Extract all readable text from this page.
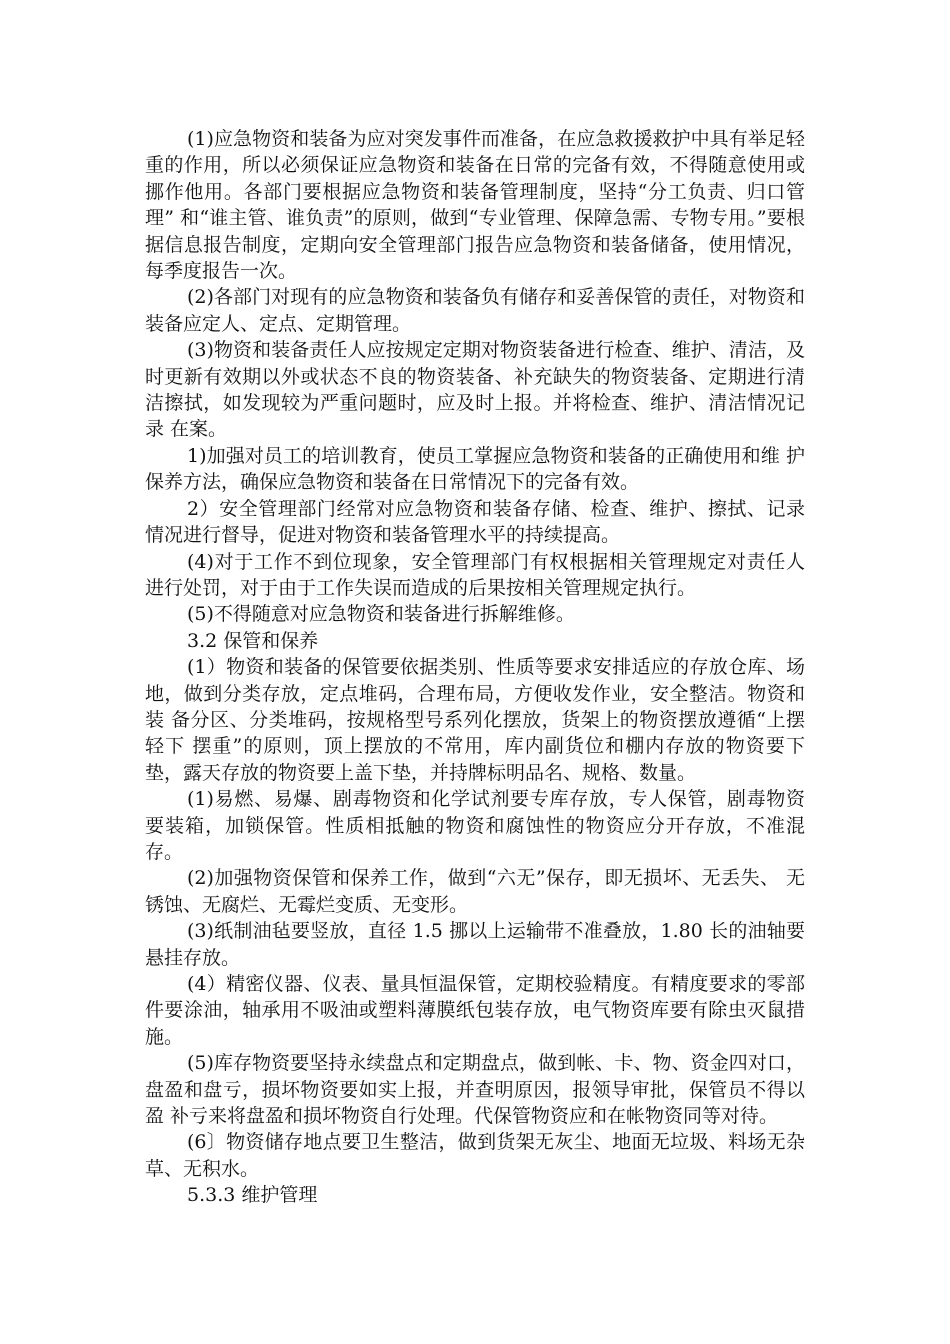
(1)应急物资和装备为应对突发事件而准备，在应急救援救护中具有举足轻重的作用，所以必须保证应急物资和装备在日常的完备有效，不得随意使用或挪作他用。各部门要根据应急物资和装备管理制度，坚持“分工负责、归口管理” 和“谁主管、谁负责”的原则，做到“专业管理、保障急需、专物专用。”要根据信息报告制度，定期向安全管理部门报告应急物资和装备储备，使用情况，每季度报告一次。

(2)各部门对现有的应急物资和装备负有储存和妥善保管的责任，对物资和装备应定人、定点、定期管理。

(3)物资和装备责任人应按规定定期对物资装备进行检查、维护、清洁，及时更新有效期以外或状态不良的物资装备、补充缺失的物资装备、定期进行清 洁擦拭，如发现较为严重问题时，应及时上报。并将检查、维护、清洁情况记录 在案。

1)加强对员工的培训教育，使员工掌握应急物资和装备的正确使用和维 护保养方法，确保应急物资和装备在日常情况下的完备有效。

2）安全管理部门经常对应急物资和装备存储、检查、维护、擦拭、记录 情况进行督导，促进对物资和装备管理水平的持续提高。

(4)对于工作不到位现象，安全管理部门有权根据相关管理规定对责任人 进行处罚，对于由于工作失误而造成的后果按相关管理规定执行。

(5)不得随意对应急物资和装备进行拆解维修。

3.2 保管和保养

(1）物资和装备的保管要依据类别、性质等要求安排适应的存放仓库、场 地，做到分类存放，定点堆码，合理布局，方便收发作业，安全整洁。物资和装 备分区、分类堆码，按规格型号系列化摆放，货架上的物资摆放遵循“上摆轻下 摆重”的原则，顶上摆放的不常用，库内副货位和棚内存放的物资要下垫，露天存放的物资要上盖下垫，并持牌标明品名、规格、数量。

(1)易燃、易爆、剧毒物资和化学试剂要专库存放，专人保管，剧毒物资 要装箱，加锁保管。性质相抵触的物资和腐蚀性的物资应分开存放，不准混存。

(2)加强物资保管和保养工作，做到“六无”保存，即无损坏、无丢失、 无锈蚀、无腐烂、无霉烂变质、无变形。

(3)纸制油毡要竖放，直径 1.5 挪以上运输带不准叠放，1.80 长的油轴要悬挂存放。

(4）精密仪器、仪表、量具恒温保管，定期校验精度。有精度要求的零部件要涂油，轴承用不吸油或塑料薄膜纸包装存放，电气物资库要有除虫灭鼠措施。

(5)库存物资要坚持永续盘点和定期盘点，做到帐、卡、物、资金四对口，盘盈和盘亏，损坏物资要如实上报，并查明原因，报领导审批，保管员不得以盈 补亏来将盘盈和损坏物资自行处理。代保管物资应和在帐物资同等对待。

(6〕物资储存地点要卫生整洁，做到货架无灰尘、地面无垃圾、料场无杂 草、无积水。

5.3.3 维护管理
